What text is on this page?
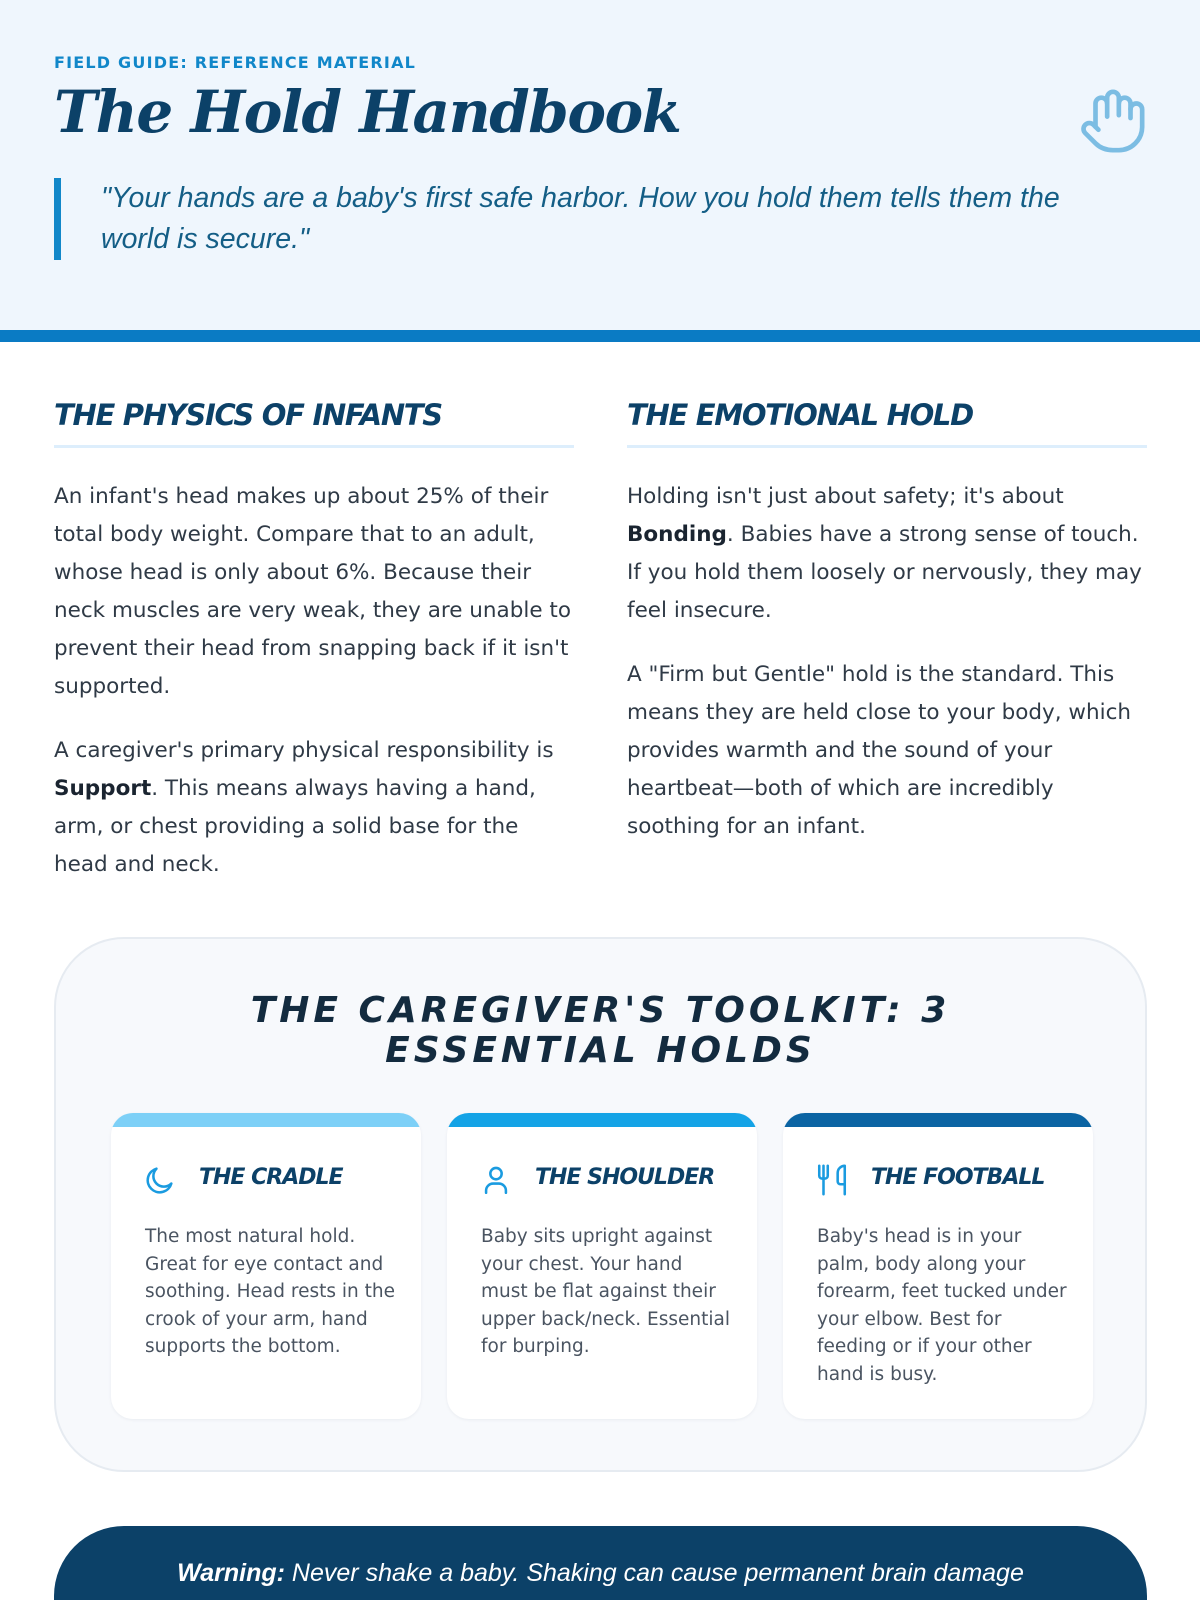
FIELD GUIDE: REFERENCE MATERIAL
The Hold Handbook
"Your hands are a baby's first safe harbor. How you hold them tells them the world is secure."
THE PHYSICS OF INFANTS

An infant's head makes up about 25% of their total body weight. Compare that to an adult, whose head is only about 6%. Because their neck muscles are very weak, they are unable to prevent their head from snapping back if it isn't supported.

A caregiver's primary physical responsibility is Support. This means always having a hand, arm, or chest providing a solid base for the head and neck.

THE EMOTIONAL HOLD

Holding isn't just about safety; it's about Bonding. Babies have a strong sense of touch. If you hold them loosely or nervously, they may feel insecure.

A "Firm but Gentle" hold is the standard. This means they are held close to your body, which provides warmth and the sound of your heartbeat—both of which are incredibly soothing for an infant.

THE CAREGIVER'S TOOLKIT: 3
ESSENTIAL HOLDS
THE CRADLE

The most natural hold. Great for eye contact and soothing. Head rests in the crook of your arm, hand supports the bottom.

THE SHOULDER

Baby sits upright against your chest. Your hand must be flat against their upper back/neck. Essential for burping.

THE FOOTBALL

Baby's head is in your palm, body along your forearm, feet tucked under your elbow. Best for feeding or if your other hand is busy.

Warning: Never shake a baby. Shaking can cause permanent brain damage
